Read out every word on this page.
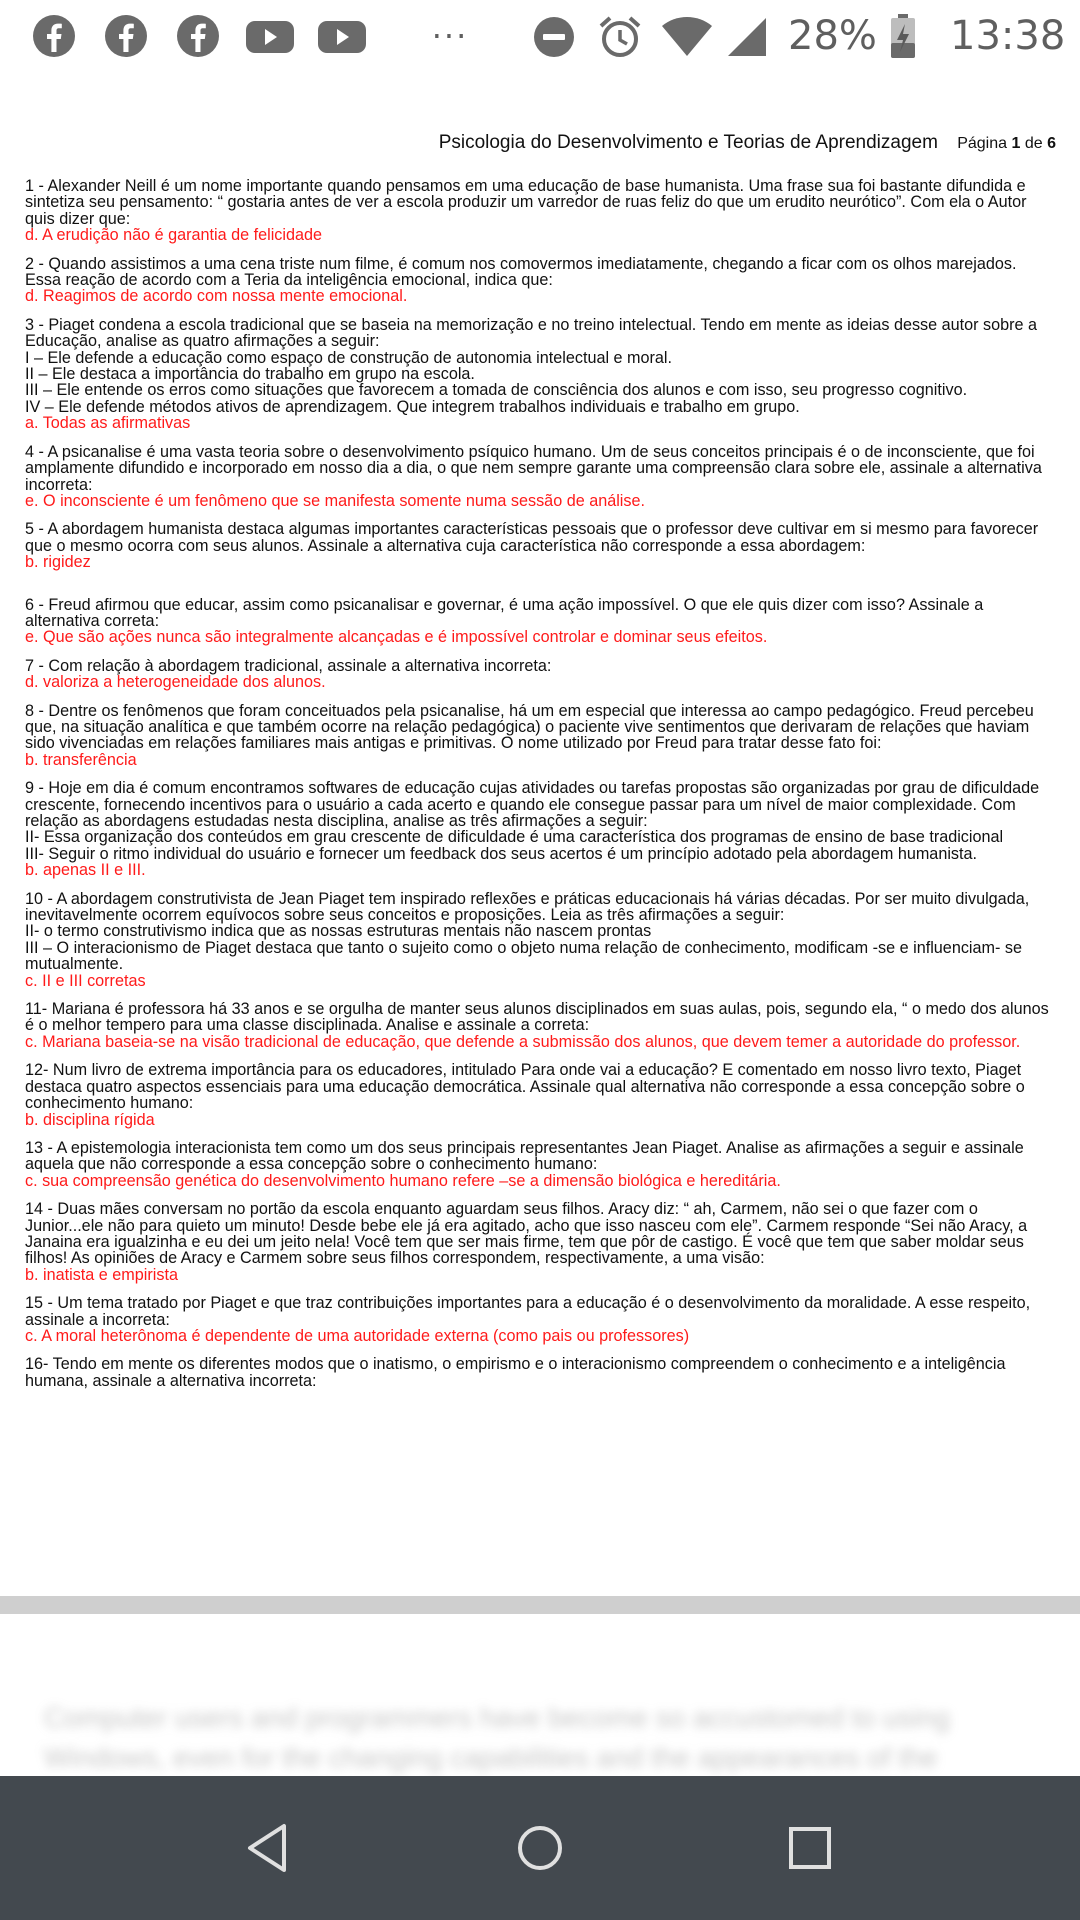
···	28% 13:38
Psicologia do Desenvolvimento e Teorias de Aprendizagem Página 1 de 6

1 - Alexander Neill é um nome importante quando pensamos em uma educação de base humanista. Uma frase sua foi bastante difundida e sintetiza seu pensamento: “ gostaria antes de ver a escola produzir um varredor de ruas feliz do que um erudito neurótico”. Com ela o Autor quis dizer que:

d. A erudição não é garantia de felicidade

2 - Quando assistimos a uma cena triste num filme, é comum nos comovermos imediatamente, chegando a ficar com os olhos marejados. Essa reação de acordo com a Teria da inteligência emocional, indica que:

d. Reagimos de acordo com nossa mente emocional.

3 - Piaget condena a escola tradicional que se baseia na memorização e no treino intelectual. Tendo em mente as ideias desse autor sobre a Educação, analise as quatro afirmações a seguir:

I – Ele defende a educação como espaço de construção de autonomia intelectual e moral.

II – Ele destaca a importância do trabalho em grupo na escola.

III – Ele entende os erros como situações que favorecem a tomada de consciência dos alunos e com isso, seu progresso cognitivo.

IV – Ele defende métodos ativos de aprendizagem. Que integrem trabalhos individuais e trabalho em grupo.

a. Todas as afirmativas

4 - A psicanalise é uma vasta teoria sobre o desenvolvimento psíquico humano. Um de seus conceitos principais é o de inconsciente, que foi amplamente difundido e incorporado em nosso dia a dia, o que nem sempre garante uma compreensão clara sobre ele, assinale a alternativa incorreta:

e. O inconsciente é um fenômeno que se manifesta somente numa sessão de análise.

5 - A abordagem humanista destaca algumas importantes características pessoais que o professor deve cultivar em si mesmo para favorecer que o mesmo ocorra com seus alunos. Assinale a alternativa cuja característica não corresponde a essa abordagem:

b. rigidez

6 - Freud afirmou que educar, assim como psicanalisar e governar, é uma ação impossível. O que ele quis dizer com isso? Assinale a alternativa correta:

e. Que são ações nunca são integralmente alcançadas e é impossível controlar e dominar seus efeitos.

7 - Com relação à abordagem tradicional, assinale a alternativa incorreta:

d. valoriza a heterogeneidade dos alunos.

8 - Dentre os fenômenos que foram conceituados pela psicanalise, há um em especial que interessa ao campo pedagógico. Freud percebeu que, na situação analítica e que também ocorre na relação pedagógica) o paciente vive sentimentos que derivaram de relações que haviam sido vivenciadas em relações familiares mais antigas e primitivas. O nome utilizado por Freud para tratar desse fato foi:

b. transferência

9 - Hoje em dia é comum encontramos softwares de educação cujas atividades ou tarefas propostas são organizadas por grau de dificuldade crescente, fornecendo incentivos para o usuário a cada acerto e quando ele consegue passar para um nível de maior complexidade. Com relação as abordagens estudadas nesta disciplina, analise as três afirmações a seguir:

II- Essa organização dos conteúdos em grau crescente de dificuldade é uma característica dos programas de ensino de base tradicional

III- Seguir o ritmo individual do usuário e fornecer um feedback dos seus acertos é um princípio adotado pela abordagem humanista.

b. apenas II e III.

10 - A abordagem construtivista de Jean Piaget tem inspirado reflexões e práticas educacionais há várias décadas. Por ser muito divulgada, inevitavelmente ocorrem equívocos sobre seus conceitos e proposições. Leia as três afirmações a seguir:

II- o termo construtivismo indica que as nossas estruturas mentais não nascem prontas

III – O interacionismo de Piaget destaca que tanto o sujeito como o objeto numa relação de conhecimento, modificam -se e influenciam- se mutualmente.

c. II e III corretas

11- Mariana é professora há 33 anos e se orgulha de manter seus alunos disciplinados em suas aulas, pois, segundo ela, “ o medo dos alunos é o melhor tempero para uma classe disciplinada. Analise e assinale a correta:

c. Mariana baseia-se na visão tradicional de educação, que defende a submissão dos alunos, que devem temer a autoridade do professor.

12- Num livro de extrema importância para os educadores, intitulado Para onde vai a educação? E comentado em nosso livro texto, Piaget destaca quatro aspectos essenciais para uma educação democrática. Assinale qual alternativa não corresponde a essa concepção sobre o conhecimento humano:

b. disciplina rígida

13 - A epistemologia interacionista tem como um dos seus principais representantes Jean Piaget. Analise as afirmações a seguir e assinale aquela que não corresponde a essa concepção sobre o conhecimento humano:

c. sua compreensão genética do desenvolvimento humano refere –se a dimensão biológica e hereditária.

14 - Duas mães conversam no portão da escola enquanto aguardam seus filhos. Aracy diz: “ ah, Carmem, não sei o que fazer com o Junior...ele não para quieto um minuto! Desde bebe ele já era agitado, acho que isso nasceu com ele”. Carmem responde “Sei não Aracy, a Janaina era igualzinha e eu dei um jeito nela! Você tem que ser mais firme, tem que pôr de castigo. É você que tem que saber moldar seus filhos! As opiniões de Aracy e Carmem sobre seus filhos correspondem, respectivamente, a uma visão:

b. inatista e empirista

15 - Um tema tratado por Piaget e que traz contribuições importantes para a educação é o desenvolvimento da moralidade. A esse respeito, assinale a incorreta:

c. A moral heterônoma é dependente de uma autoridade externa (como pais ou professores)

16- Tendo em mente os diferentes modos que o inatismo, o empirismo e o interacionismo compreendem o conhecimento e a inteligência humana, assinale a alternativa incorreta:

Computer users and programmers have become so accustomed to using Windows, even for the changing capabilities and the appearances of the
